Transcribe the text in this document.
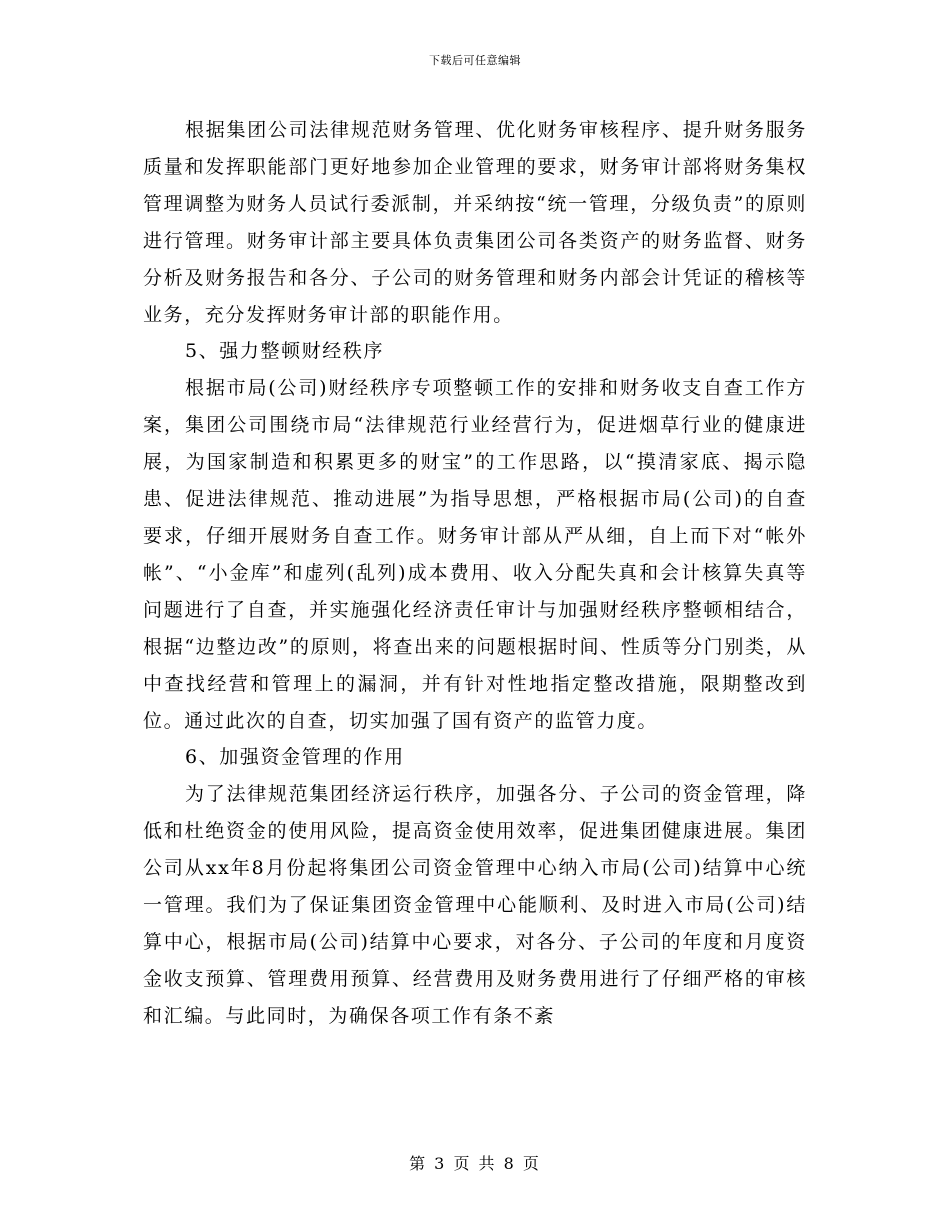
下载后可任意编辑

根据集团公司法律规范财务管理、优化财务审核程序、提升财务服务质量和发挥职能部门更好地参加企业管理的要求，财务审计部将财务集权管理调整为财务人员试行委派制，并采纳按“统一管理，分级负责”的原则进行管理。财务审计部主要具体负责集团公司各类资产的财务监督、财务分析及财务报告和各分、子公司的财务管理和财务内部会计凭证的稽核等业务，充分发挥财务审计部的职能作用。

5、强力整顿财经秩序

根据市局(公司)财经秩序专项整顿工作的安排和财务收支自查工作方案，集团公司围绕市局“法律规范行业经营行为，促进烟草行业的健康进展，为国家制造和积累更多的财宝”的工作思路，以“摸清家底、揭示隐患、促进法律规范、推动进展”为指导思想，严格根据市局(公司)的自查要求，仔细开展财务自查工作。财务审计部从严从细，自上而下对“帐外帐”、“小金库”和虚列(乱列)成本费用、收入分配失真和会计核算失真等问题进行了自查，并实施强化经济责任审计与加强财经秩序整顿相结合，根据“边整边改”的原则，将查出来的问题根据时间、性质等分门别类，从中查找经营和管理上的漏洞，并有针对性地指定整改措施，限期整改到位。通过此次的自查，切实加强了国有资产的监管力度。

6、加强资金管理的作用

为了法律规范集团经济运行秩序，加强各分、子公司的资金管理，降低和杜绝资金的使用风险，提高资金使用效率，促进集团健康进展。集团公司从xx年8月份起将集团公司资金管理中心纳入市局(公司)结算中心统一管理。我们为了保证集团资金管理中心能顺利、及时进入市局(公司)结算中心，根据市局(公司)结算中心要求，对各分、子公司的年度和月度资金收支预算、管理费用预算、经营费用及财务费用进行了仔细严格的审核和汇编。与此同时，为确保各项工作有条不紊

第 3 页 共 8 页
